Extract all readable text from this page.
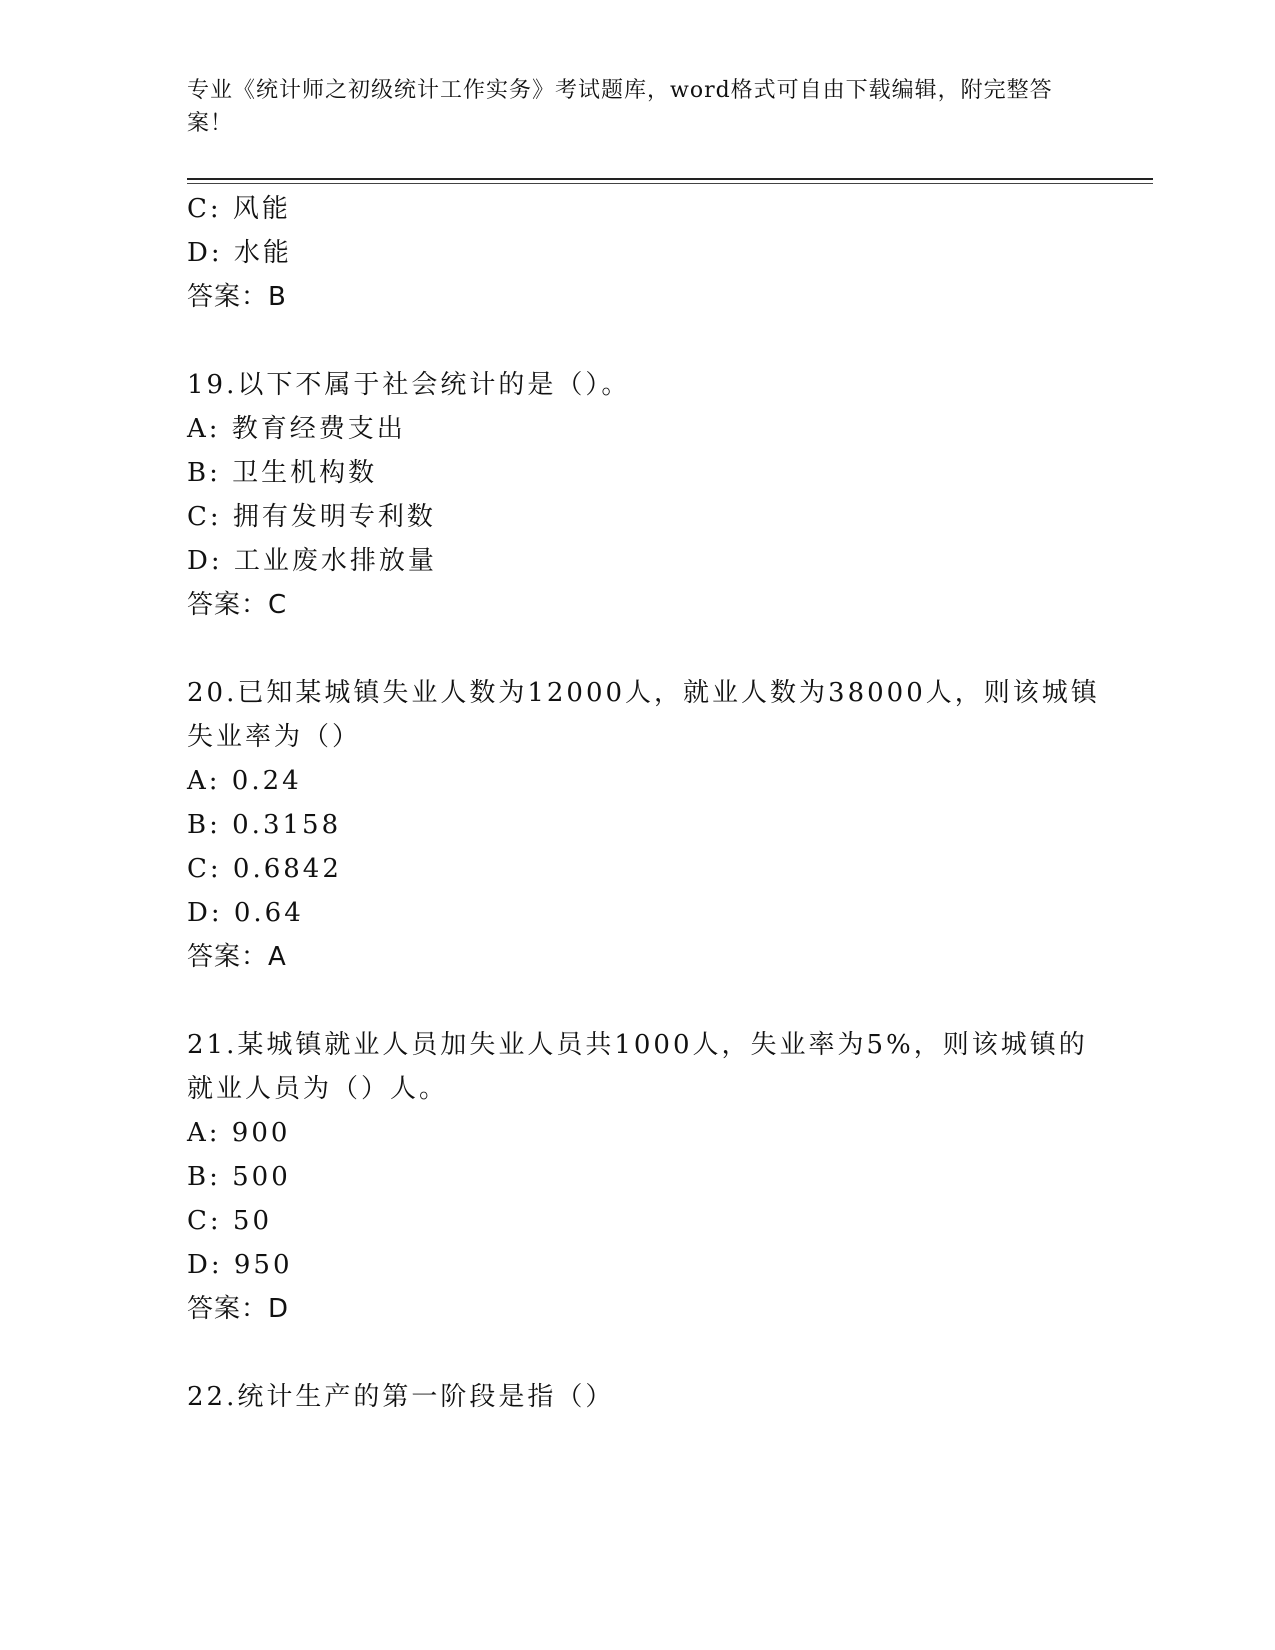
专业《统计师之初级统计工作实务》考试题库，word格式可自由下载编辑，附完整答案！
C: 风能
D: 水能
答案：B
19.以下不属于社会统计的是（）。
A: 教育经费支出
B: 卫生机构数
C: 拥有发明专利数
D: 工业废水排放量
答案：C
20.已知某城镇失业人数为12000人，就业人数为38000人，则该城镇
失业率为（）
A: 0.24
B: 0.3158
C: 0.6842
D: 0.64
答案：A
21.某城镇就业人员加失业人员共1000人，失业率为5%，则该城镇的
就业人员为（）人。
A: 900
B: 500
C: 50
D: 950
答案：D
22.统计生产的第一阶段是指（）
